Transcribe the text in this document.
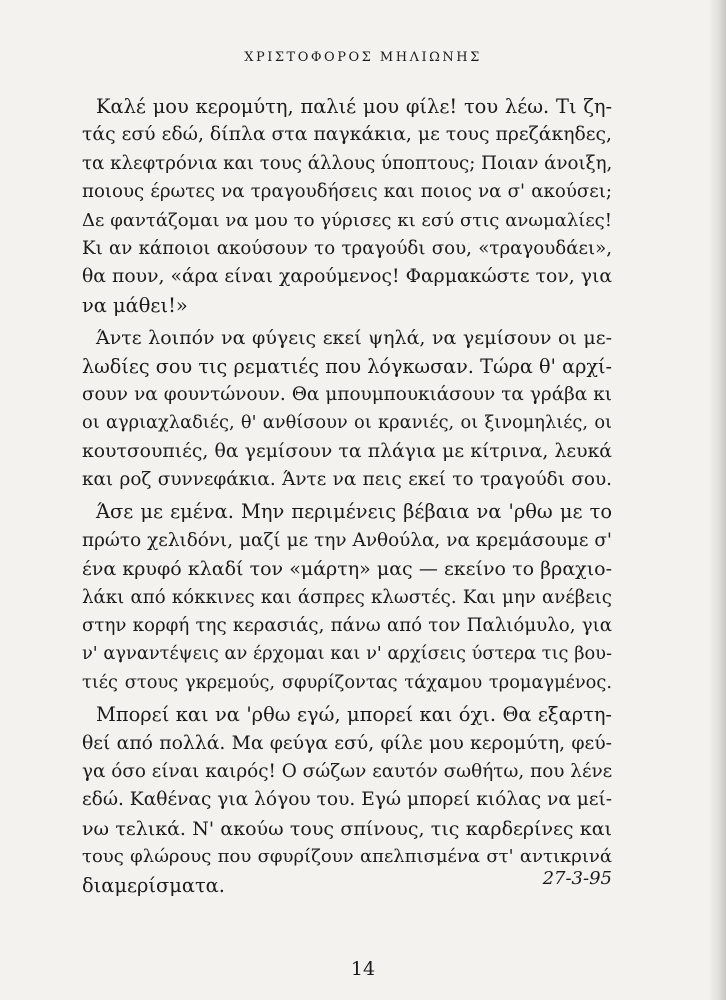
ΧΡΙΣΤΟΦΟΡΟΣ ΜΗΛΙΩΝΗΣ
Καλέ μου κερομύτη, παλιέ μου φίλε! του λέω. Τι ζη-
τάς εσύ εδώ, δίπλα στα παγκάκια, με τους πρεζάκηδες,
τα κλεφτρόνια και τους άλλους ύποπτους; Ποιαν άνοιξη,
ποιους έρωτες να τραγουδήσεις και ποιος να σ' ακούσει;
Δε φαντάζομαι να μου το γύρισες κι εσύ στις ανωμαλίες!
Κι αν κάποιοι ακούσουν το τραγούδι σου, «τραγουδάει»,
θα πουν, «άρα είναι χαρούμενος! Φαρμακώστε τον, για
να μάθει!»
Άντε λοιπόν να φύγεις εκεί ψηλά, να γεμίσουν οι με-
λωδίες σου τις ρεματιές που λόγκωσαν. Τώρα θ' αρχί-
σουν να φουντώνουν. Θα μπουμπουκιάσουν τα γράβα κι
οι αγριαχλαδιές, θ' ανθίσουν οι κρανιές, οι ξινομηλιές, οι
κουτσουπιές, θα γεμίσουν τα πλάγια με κίτρινα, λευκά
και ροζ συννεφάκια. Άντε να πεις εκεί το τραγούδι σου.
Άσε με εμένα. Μην περιμένεις βέβαια να 'ρθω με το
πρώτο χελιδόνι, μαζί με την Ανθούλα, να κρεμάσουμε σ'
ένα κρυφό κλαδί τον «μάρτη» μας — εκείνο το βραχιο-
λάκι από κόκκινες και άσπρες κλωστές. Και μην ανέβεις
στην κορφή της κερασιάς, πάνω από τον Παλιόμυλο, για
ν' αγναντέψεις αν έρχομαι και ν' αρχίσεις ύστερα τις βου-
τιές στους γκρεμούς, σφυρίζοντας τάχαμου τρομαγμένος.
Μπορεί και να 'ρθω εγώ, μπορεί και όχι. Θα εξαρτη-
θεί από πολλά. Μα φεύγα εσύ, φίλε μου κερομύτη, φεύ-
γα όσο είναι καιρός! Ο σώζων εαυτόν σωθήτω, που λένε
εδώ. Καθένας για λόγου του. Εγώ μπορεί κιόλας να μεί-
νω τελικά. Ν' ακούω τους σπίνους, τις καρδερίνες και
τους φλώρους που σφυρίζουν απελπισμένα στ' αντικρινά
διαμερίσματα.	27-3-95
14
